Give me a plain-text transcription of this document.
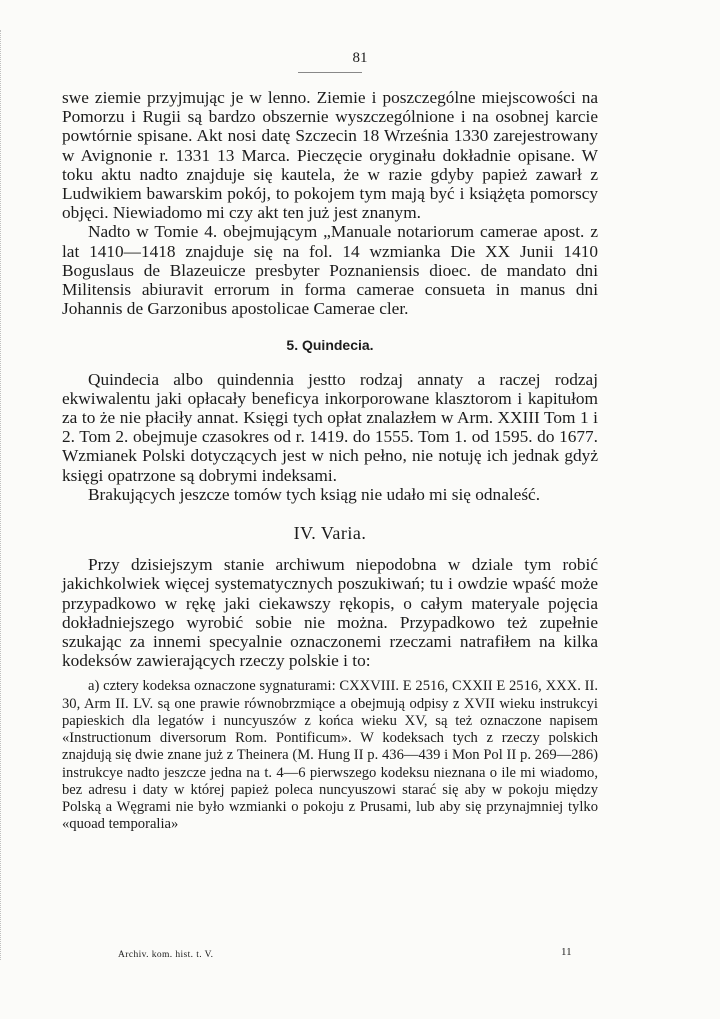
81

swe ziemie przyjmując je w lenno. Ziemie i poszczególne miejscowości na Pomorzu i Rugii są bardzo obszernie wyszczególnione i na osobnej karcie powtórnie spisane. Akt nosi datę Szczecin 18 Września 1330 zarejestrowany w Avignonie r. 1331 13 Marca. Pieczęcie oryginału dokładnie opisane. W toku aktu nadto znajduje się kautela, że w razie gdyby papież zawarł z Ludwikiem bawarskim pokój, to pokojem tym mają być i książęta pomorscy objęci. Niewiadomo mi czy akt ten już jest znanym.

Nadto w Tomie 4. obejmującym „Manuale notariorum camerae apost. z lat 1410—1418 znajduje się na fol. 14 wzmianka Die XX Junii 1410 Boguslaus de Blazeuicze presbyter Poznaniensis dioec. de mandato dni Militensis abiuravit errorum in forma camerae consueta in manus dni Johannis de Garzonibus apostolicae Camerae cler.

5. Quindecia.

Quindecia albo quindennia jestto rodzaj annaty a raczej rodzaj ekwiwalentu jaki opłacały beneficya inkorporowane klasztorom i kapitułom za to że nie płaciły annat. Księgi tych opłat znalazłem w Arm. XXIII Tom 1 i 2. Tom 2. obejmuje czasokres od r. 1419. do 1555. Tom 1. od 1595. do 1677. Wzmianek Polski dotyczących jest w nich pełno, nie notuję ich jednak gdyż księgi opatrzone są dobrymi indeksami.

Brakujących jeszcze tomów tych ksiąg nie udało mi się odnaleść.

IV. Varia.

Przy dzisiejszym stanie archiwum niepodobna w dziale tym robić jakichkolwiek więcej systematycznych poszukiwań; tu i owdzie wpaść może przypadkowo w rękę jaki ciekawszy rękopis, o całym materyale pojęcia dokładniejszego wyrobić sobie nie można. Przypadkowo też zupełnie szukając za innemi specyalnie oznaczonemi rzeczami natrafiłem na kilka kodeksów zawierających rzeczy polskie i to:

a) cztery kodeksa oznaczone sygnaturami: CXXVIII. E 2516, CXXII E 2516, XXX. II. 30, Arm II. LV. są one prawie równobrzmiące a obejmują odpisy z XVII wieku instrukcyi papieskich dla legatów i nuncyuszów z końca wieku XV, są też oznaczone napisem «Instructionum diversorum Rom. Pontificum». W kodeksach tych z rzeczy polskich znajdują się dwie znane już z Theinera (M. Hung II p. 436—439 i Mon Pol II p. 269—286) instrukcye nadto jeszcze jedna na t. 4—6 pierwszego kodeksu nieznana o ile mi wiadomo, bez adresu i daty w której papież poleca nuncyuszowi starać się aby w pokoju między Polską a Węgrami nie było wzmianki o pokoju z Prusami, lub aby się przynajmniej tylko «quoad temporalia»

Archiv. kom. hist. t. V.	11
